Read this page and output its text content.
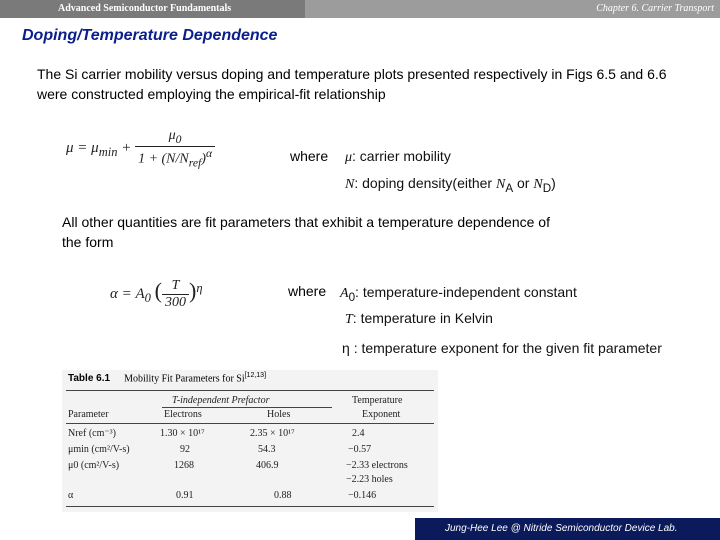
Advanced Semiconductor Fundamentals	Chapter 6. Carrier Transport
Doping/Temperature Dependence
The Si carrier mobility versus doping and temperature plots presented respectively in Figs 6.5 and 6.6 were constructed employing the empirical-fit relationship
$\mu = \mu_{min} + \frac{\mu_0}{1 + (N/N_{ref})^\alpha}$	where μ: carrier mobility
N: doping density(either $N_A$ or $N_D$)
All other quantities are fit parameters that exhibit a temperature dependence of the form
$\alpha = A_0$ ( $\frac{T}{300} )^\eta$	where $A_0$: temperature-independent constant
T: temperature in Kelvin
η : temperature exponent for the given fit parameter
Table 6.1 Mobility Fit Parameters for Si[12,13]
T-independent Prefactor	Temperature
Parameter	Electrons	Holes	Exponent
Nref (cm⁻³)	1.30 × 10¹⁷	2.35 × 10¹⁷	2.4
μmin (cm²/V-s)	92	54.3	−0.57
μ0 (cm²/V-s)	1268	406.9	−2.33 electrons
−2.23 holes
α	0.91	0.88	−0.146
Jung-Hee Lee @ Nitride Semiconductor Device Lab.
